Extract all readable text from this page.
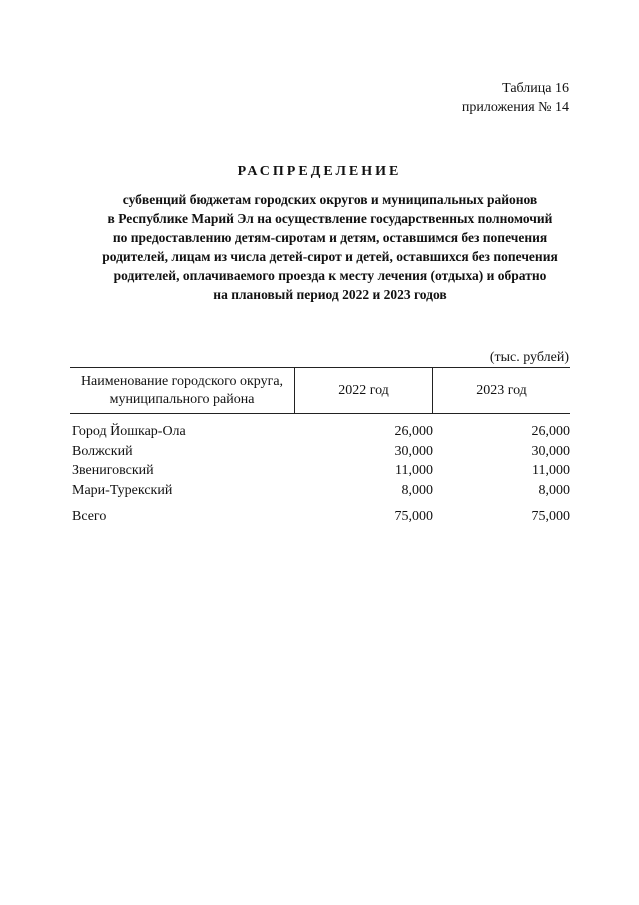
Таблица 16
приложения № 14
РАСПРЕДЕЛЕНИЕ
субвенций бюджетам городских округов и муниципальных районов
в Республике Марий Эл на осуществление государственных полномочий
по предоставлению детям-сиротам и детям, оставшимся без попечения
родителей, лицам из числа детей-сирот и детей, оставшихся без попечения
родителей, оплачиваемого проезда к месту лечения (отдыха) и обратно
на плановый период 2022 и 2023 годов
(тыс. рублей)
Наименование городского округа,
муниципального района
2022 год	2023 год
Город Йошкар-Ола	26,000	26,000
Волжский	30,000	30,000
Звениговский	11,000	11,000
Мари-Турекский	8,000	8,000
Всего	75,000	75,000
